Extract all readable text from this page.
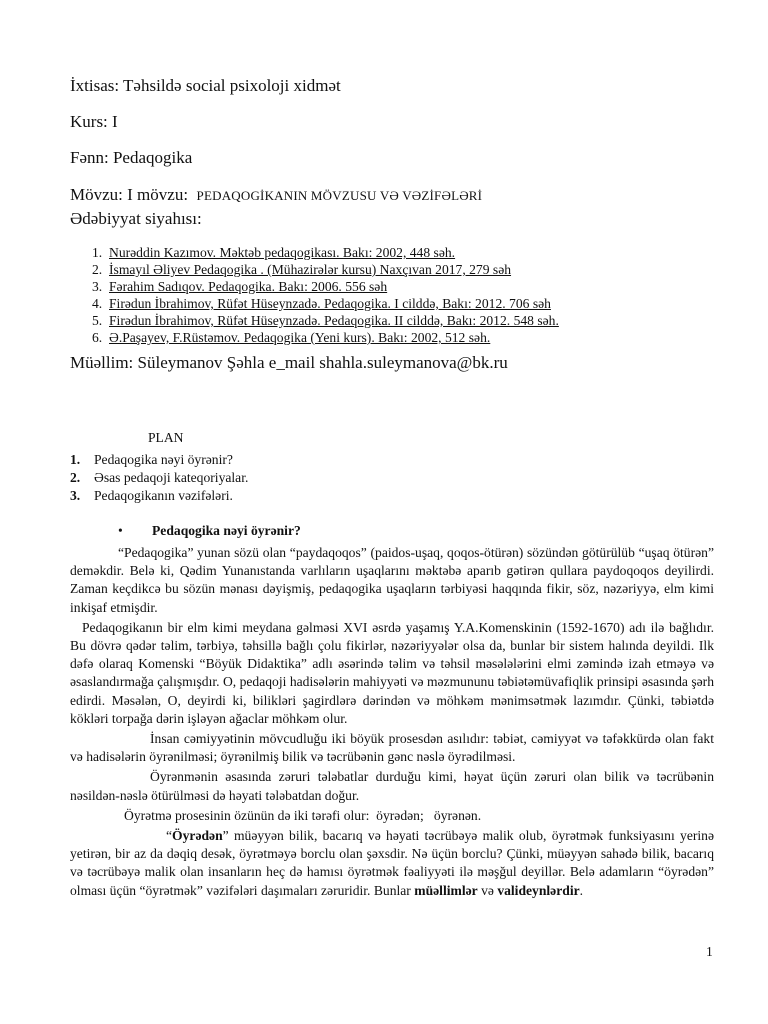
İxtisas: Təhsildə social psixoloji xidmət
Kurs: I
Fənn: Pedaqogika
Mövzu: I mövzu:  PEDAQOGİKANIN MÖVZUSU VƏ VƏZİFƏLƏRİ
Ədəbiyyat siyahısı:
1. Nurəddin Kazımov. Məktəb pedaqogikası. Bakı: 2002, 448 səh.
2. İsmayıl Əliyev Pedaqogika . (Mühazirələr kursu) Naxçıvan 2017, 279 səh
3. Fərahim Sadıqov. Pedaqogika. Bakı: 2006. 556 səh
4. Firədun İbrahimov, Rüfət Hüseynzadə. Pedaqogika. I cilddə, Bakı: 2012. 706 səh
5. Firədun İbrahimov, Rüfət Hüseynzadə. Pedaqogika. II cilddə, Bakı: 2012. 548 səh.
6. Ə.Paşayev, F.Rüstəmov. Pedaqogika (Yeni kurs). Bakı: 2002, 512 səh.
Müəllim: Süleymanov Şəhla e_mail shahla.suleymanova@bk.ru
PLAN
1. Pedaqogika nəyi öyrənir?
2. Əsas pedaqoji kateqoriyalar.
3. Pedaqogikanın vəzifələri.
• Pedaqogika nəyi öyrənir?

“Pedaqogika” yunan sözü olan “paydaqoqos” (paidos-uşaq, qoqos-ötürən) sözündən götürülüb “uşaq ötürən” deməkdir. Belə ki, Qədim Yunanıstanda varlıların uşaqlarını məktəbə aparıb gətirən qullara paydoqoqos deyilirdi. Zaman keçdikcə bu sözün mənası dəyişmiş, pedaqogika uşaqların tərbiyəsi haqqında fikir, söz, nəzəriyyə, elm kimi inkişaf etmişdir.

Pedaqogikanın bir elm kimi meydana gəlməsi XVI əsrdə yaşamış Y.A.Komenskinin (1592-1670) adı ilə bağlıdır. Bu dövrə qədər təlim, tərbiyə, təhsillə bağlı çolu fikirlər, nəzəriyyələr olsa da, bunlar bir sistem halında deyildi. Ilk dəfə olaraq Komenski “Böyük Didaktika” adlı əsərində təlim və təhsil məsələlərini elmi zəmində izah etməyə və əsaslandırmağa çalışmışdır. O, pedaqoji hadisələrin mahiyyəti və məzmununu təbiətəmüvafiqlik prinsipi əsasında şərh edirdi. Məsələn, O, deyirdi ki, bilikləri şagirdlərə dərindən və möhkəm mənimsətmək lazımdır. Çünki, təbiətdə kökləri torpağa dərin işləyən ağaclar möhkəm olur.

İnsan cəmiyyətinin mövcudluğu iki böyük prosesdən asılıdır: təbiət, cəmiyyət və təfəkkürdə olan fakt və hadisələrin öyrənilməsi; öyrənilmiş bilik və təcrübənin gənc nəslə öyrədilməsi.

Öyrənmənin əsasında zəruri tələbatlar durduğu kimi, həyat üçün zəruri olan bilik və təcrübənin nəsildən-nəslə ötürülməsi də həyati tələbatdan doğur.

Öyrətmə prosesinin özünün də iki tərəfi olur:  öyrədən;   öyrənən.

“Öyrədən” müəyyən bilik, bacarıq və həyati təcrübəyə malik olub, öyrətmək funksiyasını yerinə yetirən, bir az da dəqiq desək, öyrətməyə borclu olan şəxsdir. Nə üçün borclu? Çünki, müəyyən sahədə bilik, bacarıq və təcrübəyə malik olan insanların heç də hamısı öyrətmək fəaliyyəti ilə məşğul deyillər. Belə adamların “öyrədən” olması üçün “öyrətmək” vəzifələri daşımaları zəruridir. Bunlar müəllimlər və valideynlərdir.

1
